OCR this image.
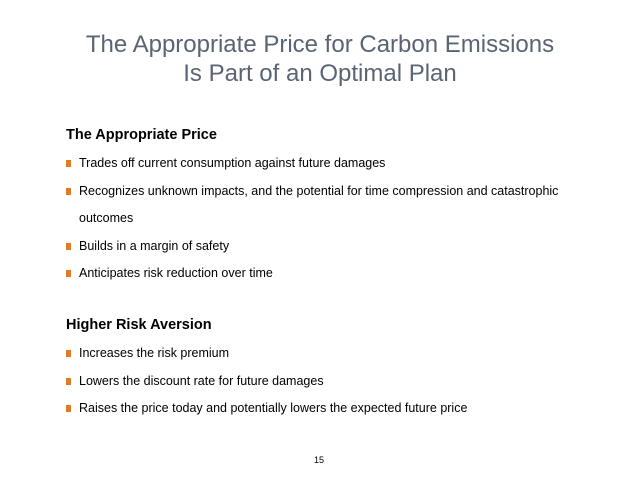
The Appropriate Price for Carbon Emissions
Is Part of an Optimal Plan
The Appropriate Price
Trades off current consumption against future damages
Recognizes unknown impacts, and the potential for time compression and catastrophic outcomes
Builds in a margin of safety
Anticipates risk reduction over time
Higher Risk Aversion
Increases the risk premium
Lowers the discount rate for future damages
Raises the price today and potentially lowers the expected future price
15
